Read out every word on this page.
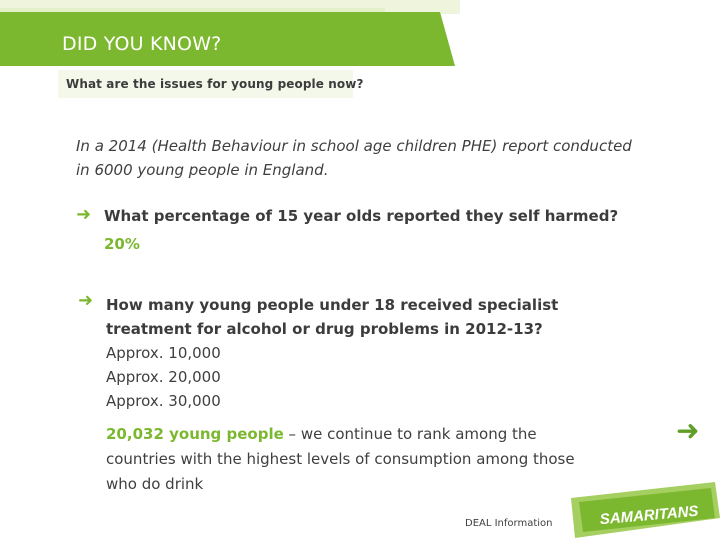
DID YOU KNOW?
What are the issues for young people now?
In a 2014 (Health Behaviour in school age children PHE) report conducted in 6000 young people in England.
➜ What percentage of 15 year olds reported they self harmed?
20%
➜ How many young people under 18 received specialist treatment for alcohol or drug problems in 2012-13?
Approx. 10,000
Approx. 20,000
Approx. 30,000
20,032 young people – we continue to rank among the countries with the highest levels of consumption among those who do drink
➜
DEAL Information	SAMARITANS
